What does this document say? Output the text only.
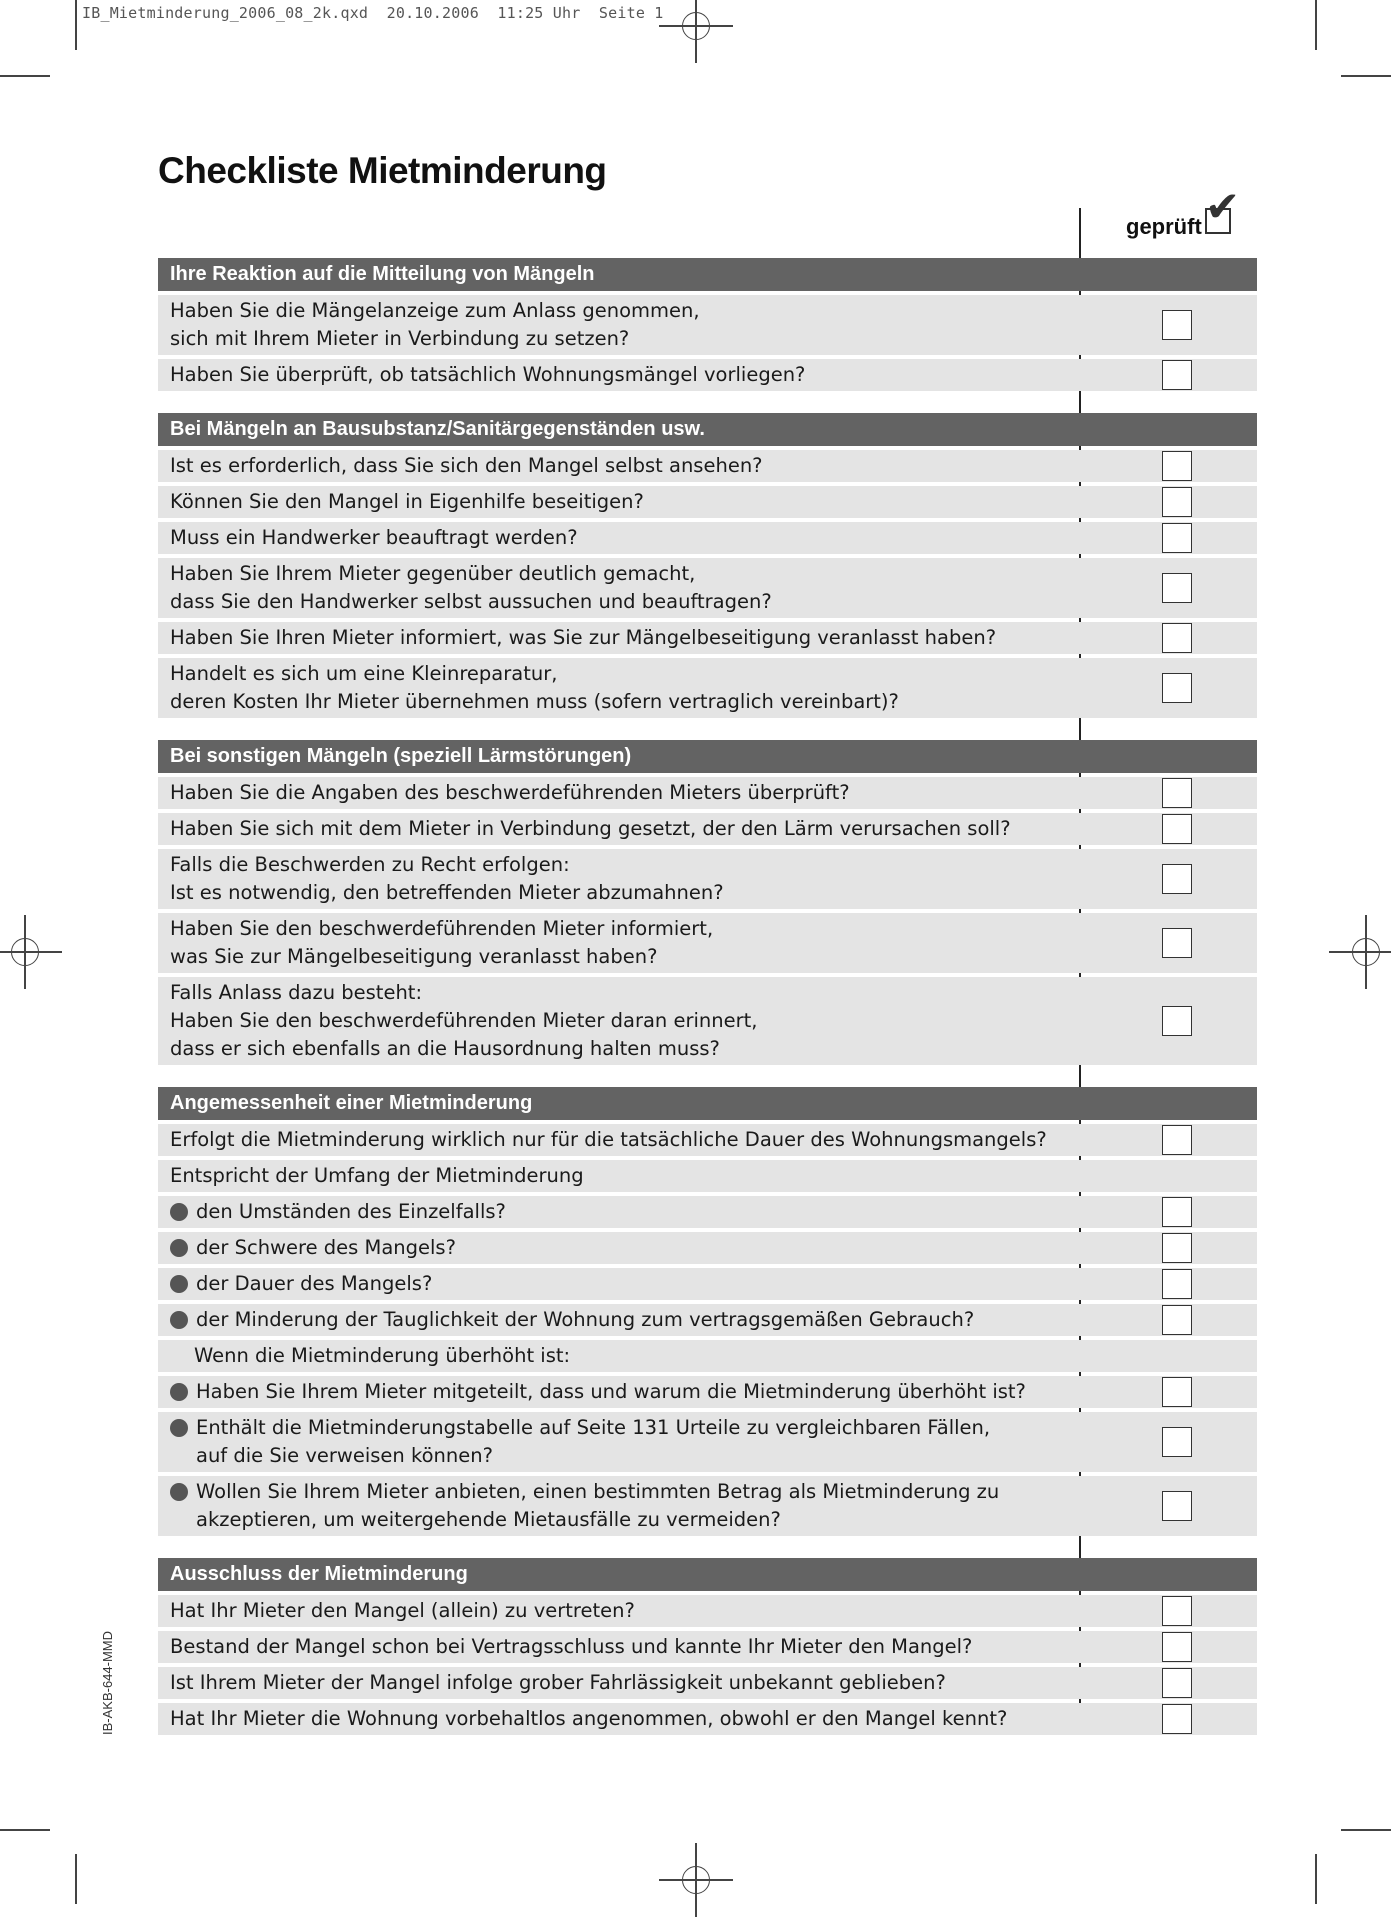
IB_Mietminderung_2006_08_2k.qxd  20.10.2006  11:25 Uhr  Seite 1
IB-AKB-644-MMD
Checkliste Mietminderung
geprüft ✔
Ihre Reaktion auf die Mitteilung von Mängeln
Haben Sie die Mängelanzeige zum Anlass genommen,
sich mit Ihrem Mieter in Verbindung zu setzen?
Haben Sie überprüft, ob tatsächlich Wohnungsmängel vorliegen?
Bei Mängeln an Bausubstanz/Sanitärgegenständen usw.
Ist es erforderlich, dass Sie sich den Mangel selbst ansehen?
Können Sie den Mangel in Eigenhilfe beseitigen?
Muss ein Handwerker beauftragt werden?
Haben Sie Ihrem Mieter gegenüber deutlich gemacht,
dass Sie den Handwerker selbst aussuchen und beauftragen?
Haben Sie Ihren Mieter informiert, was Sie zur Mängelbeseitigung veranlasst haben?
Handelt es sich um eine Kleinreparatur,
deren Kosten Ihr Mieter übernehmen muss (sofern vertraglich vereinbart)?
Bei sonstigen Mängeln (speziell Lärmstörungen)
Haben Sie die Angaben des beschwerdeführenden Mieters überprüft?
Haben Sie sich mit dem Mieter in Verbindung gesetzt, der den Lärm verursachen soll?
Falls die Beschwerden zu Recht erfolgen:
Ist es notwendig, den betreffenden Mieter abzumahnen?
Haben Sie den beschwerdeführenden Mieter informiert,
was Sie zur Mängelbeseitigung veranlasst haben?
Falls Anlass dazu besteht:
Haben Sie den beschwerdeführenden Mieter daran erinnert,
dass er sich ebenfalls an die Hausordnung halten muss?
Angemessenheit einer Mietminderung
Erfolgt die Mietminderung wirklich nur für die tatsächliche Dauer des Wohnungsmangels?
Entspricht der Umfang der Mietminderung
den Umständen des Einzelfalls?
der Schwere des Mangels?
der Dauer des Mangels?
der Minderung der Tauglichkeit der Wohnung zum vertragsgemäßen Gebrauch?
Wenn die Mietminderung überhöht ist:
Haben Sie Ihrem Mieter mitgeteilt, dass und warum die Mietminderung überhöht ist?
Enthält die Mietminderungstabelle auf Seite 131 Urteile zu vergleichbaren Fällen,
auf die Sie verweisen können?
Wollen Sie Ihrem Mieter anbieten, einen bestimmten Betrag als Mietminderung zu
akzeptieren, um weitergehende Mietausfälle zu vermeiden?
Ausschluss der Mietminderung
Hat Ihr Mieter den Mangel (allein) zu vertreten?
Bestand der Mangel schon bei Vertragsschluss und kannte Ihr Mieter den Mangel?
Ist Ihrem Mieter der Mangel infolge grober Fahrlässigkeit unbekannt geblieben?
Hat Ihr Mieter die Wohnung vorbehaltlos angenommen, obwohl er den Mangel kennt?
